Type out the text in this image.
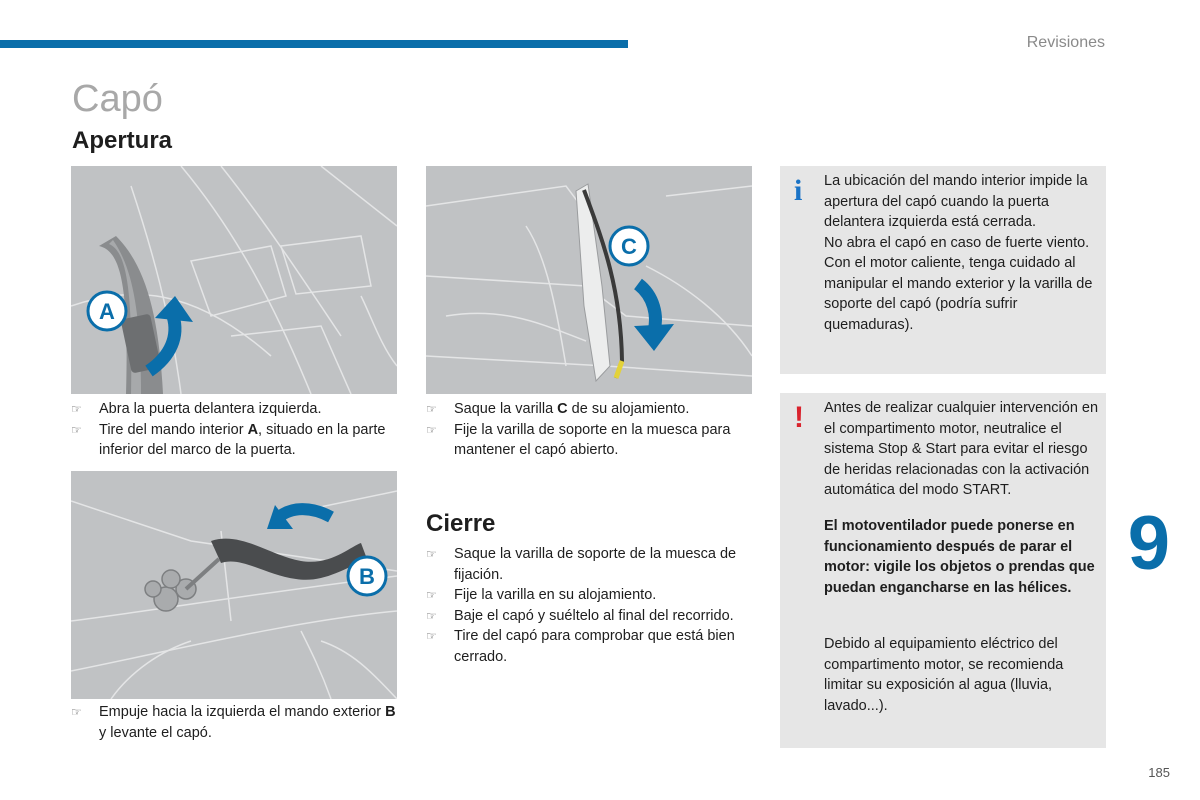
Revisiones
Capó
Apertura
A
C
☞ Abra la puerta delantera izquierda.
☞ Tire del mando interior A, situado en la parte inferior del marco de la puerta.
☞ Saque la varilla C de su alojamiento.
☞ Fije la varilla de soporte en la muesca para mantener el capó abierto.
B
☞ Empuje hacia la izquierda el mando exterior B y levante el capó.
Cierre
☞ Saque la varilla de soporte de la muesca de fijación.
☞ Fije la varilla en su alojamiento.
☞ Baje el capó y suéltelo al final del recorrido.
☞ Tire del capó para comprobar que está bien cerrado.
i La ubicación del mando interior impide la apertura del capó cuando la puerta delantera izquierda está cerrada.
No abra el capó en caso de fuerte viento.
Con el motor caliente, tenga cuidado al manipular el mando exterior y la varilla de soporte del capó (podría sufrir quemaduras).

! Antes de realizar cualquier intervención en el compartimento motor, neutralice el sistema Stop & Start para evitar el riesgo de heridas relacionadas con la activación automática del modo START.

El motoventilador puede ponerse en funcionamiento después de parar el motor: vigile los objetos o prendas que puedan engancharse en las hélices.

Debido al equipamiento eléctrico del compartimento motor, se recomienda limitar su exposición al agua (lluvia, lavado...).

9
185
